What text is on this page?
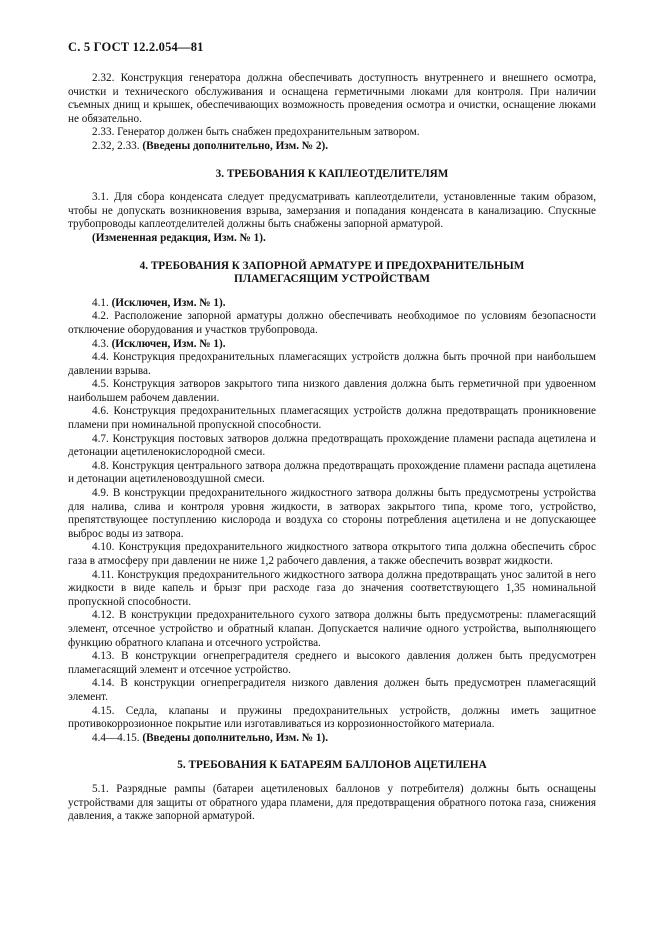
С. 5 ГОСТ 12.2.054—81

2.32. Конструкция генератора должна обеспечивать доступность внутреннего и внешнего осмотра, очистки и технического обслуживания и оснащена герметичными люками для контроля. При наличии съемных днищ и крышек, обеспечивающих возможность проведения осмотра и очистки, оснащение люками не обязательно.

2.33. Генератор должен быть снабжен предохранительным затвором.

2.32, 2.33. (Введены дополнительно, Изм. № 2).

3. ТРЕБОВАНИЯ К КАПЛЕОТДЕЛИТЕЛЯМ

3.1. Для сбора конденсата следует предусматривать каплеотделители, установленные таким образом, чтобы не допускать возникновения взрыва, замерзания и попадания конденсата в канализацию. Спускные трубопроводы каплеотделителей должны быть снабжены запорной арматурой.

(Измененная редакция, Изм. № 1).

4. ТРЕБОВАНИЯ К ЗАПОРНОЙ АРМАТУРЕ И ПРЕДОХРАНИТЕЛЬНЫМ
ПЛАМЕГАСЯЩИМ УСТРОЙСТВАМ

4.1. (Исключен, Изм. № 1).

4.2. Расположение запорной арматуры должно обеспечивать необходимое по условиям безопасности отключение оборудования и участков трубопровода.

4.3. (Исключен, Изм. № 1).

4.4. Конструкция предохранительных пламегасящих устройств должна быть прочной при наибольшем давлении взрыва.

4.5. Конструкция затворов закрытого типа низкого давления должна быть герметичной при удвоенном наибольшем рабочем давлении.

4.6. Конструкция предохранительных пламегасящих устройств должна предотвращать проникновение пламени при номинальной пропускной способности.

4.7. Конструкция постовых затворов должна предотвращать прохождение пламени распада ацетилена и детонации ацетиленокислородной смеси.

4.8. Конструкция центрального затвора должна предотвращать прохождение пламени распада ацетилена и детонации ацетиленовоздушной смеси.

4.9. В конструкции предохранительного жидкостного затвора должны быть предусмотрены устройства для налива, слива и контроля уровня жидкости, в затворах закрытого типа, кроме того, устройство, препятствующее поступлению кислорода и воздуха со стороны потребления ацетилена и не допускающее выброс воды из затвора.

4.10. Конструкция предохранительного жидкостного затвора открытого типа должна обеспечить сброс газа в атмосферу при давлении не ниже 1,2 рабочего давления, а также обеспечить возврат жидкости.

4.11. Конструкция предохранительного жидкостного затвора должна предотвращать унос залитой в него жидкости в виде капель и брызг при расходе газа до значения соответствующего 1,35 номинальной пропускной способности.

4.12. В конструкции предохранительного сухого затвора должны быть предусмотрены: пламегасящий элемент, отсечное устройство и обратный клапан. Допускается наличие одного устройства, выполняющего функцию обратного клапана и отсечного устройства.

4.13. В конструкции огнепреградителя среднего и высокого давления должен быть предусмотрен пламегасящий элемент и отсечное устройство.

4.14. В конструкции огнепреградителя низкого давления должен быть предусмотрен пламегасящий элемент.

4.15. Седла, клапаны и пружины предохранительных устройств, должны иметь защитное противокоррозионное покрытие или изготавливаться из коррозионностойкого материала.

4.4—4.15. (Введены дополнительно, Изм. № 1).

5. ТРЕБОВАНИЯ К БАТАРЕЯМ БАЛЛОНОВ АЦЕТИЛЕНА

5.1. Разрядные рампы (батареи ацетиленовых баллонов у потребителя) должны быть оснащены устройствами для защиты от обратного удара пламени, для предотвращения обратного потока газа, снижения давления, а также запорной арматурой.
